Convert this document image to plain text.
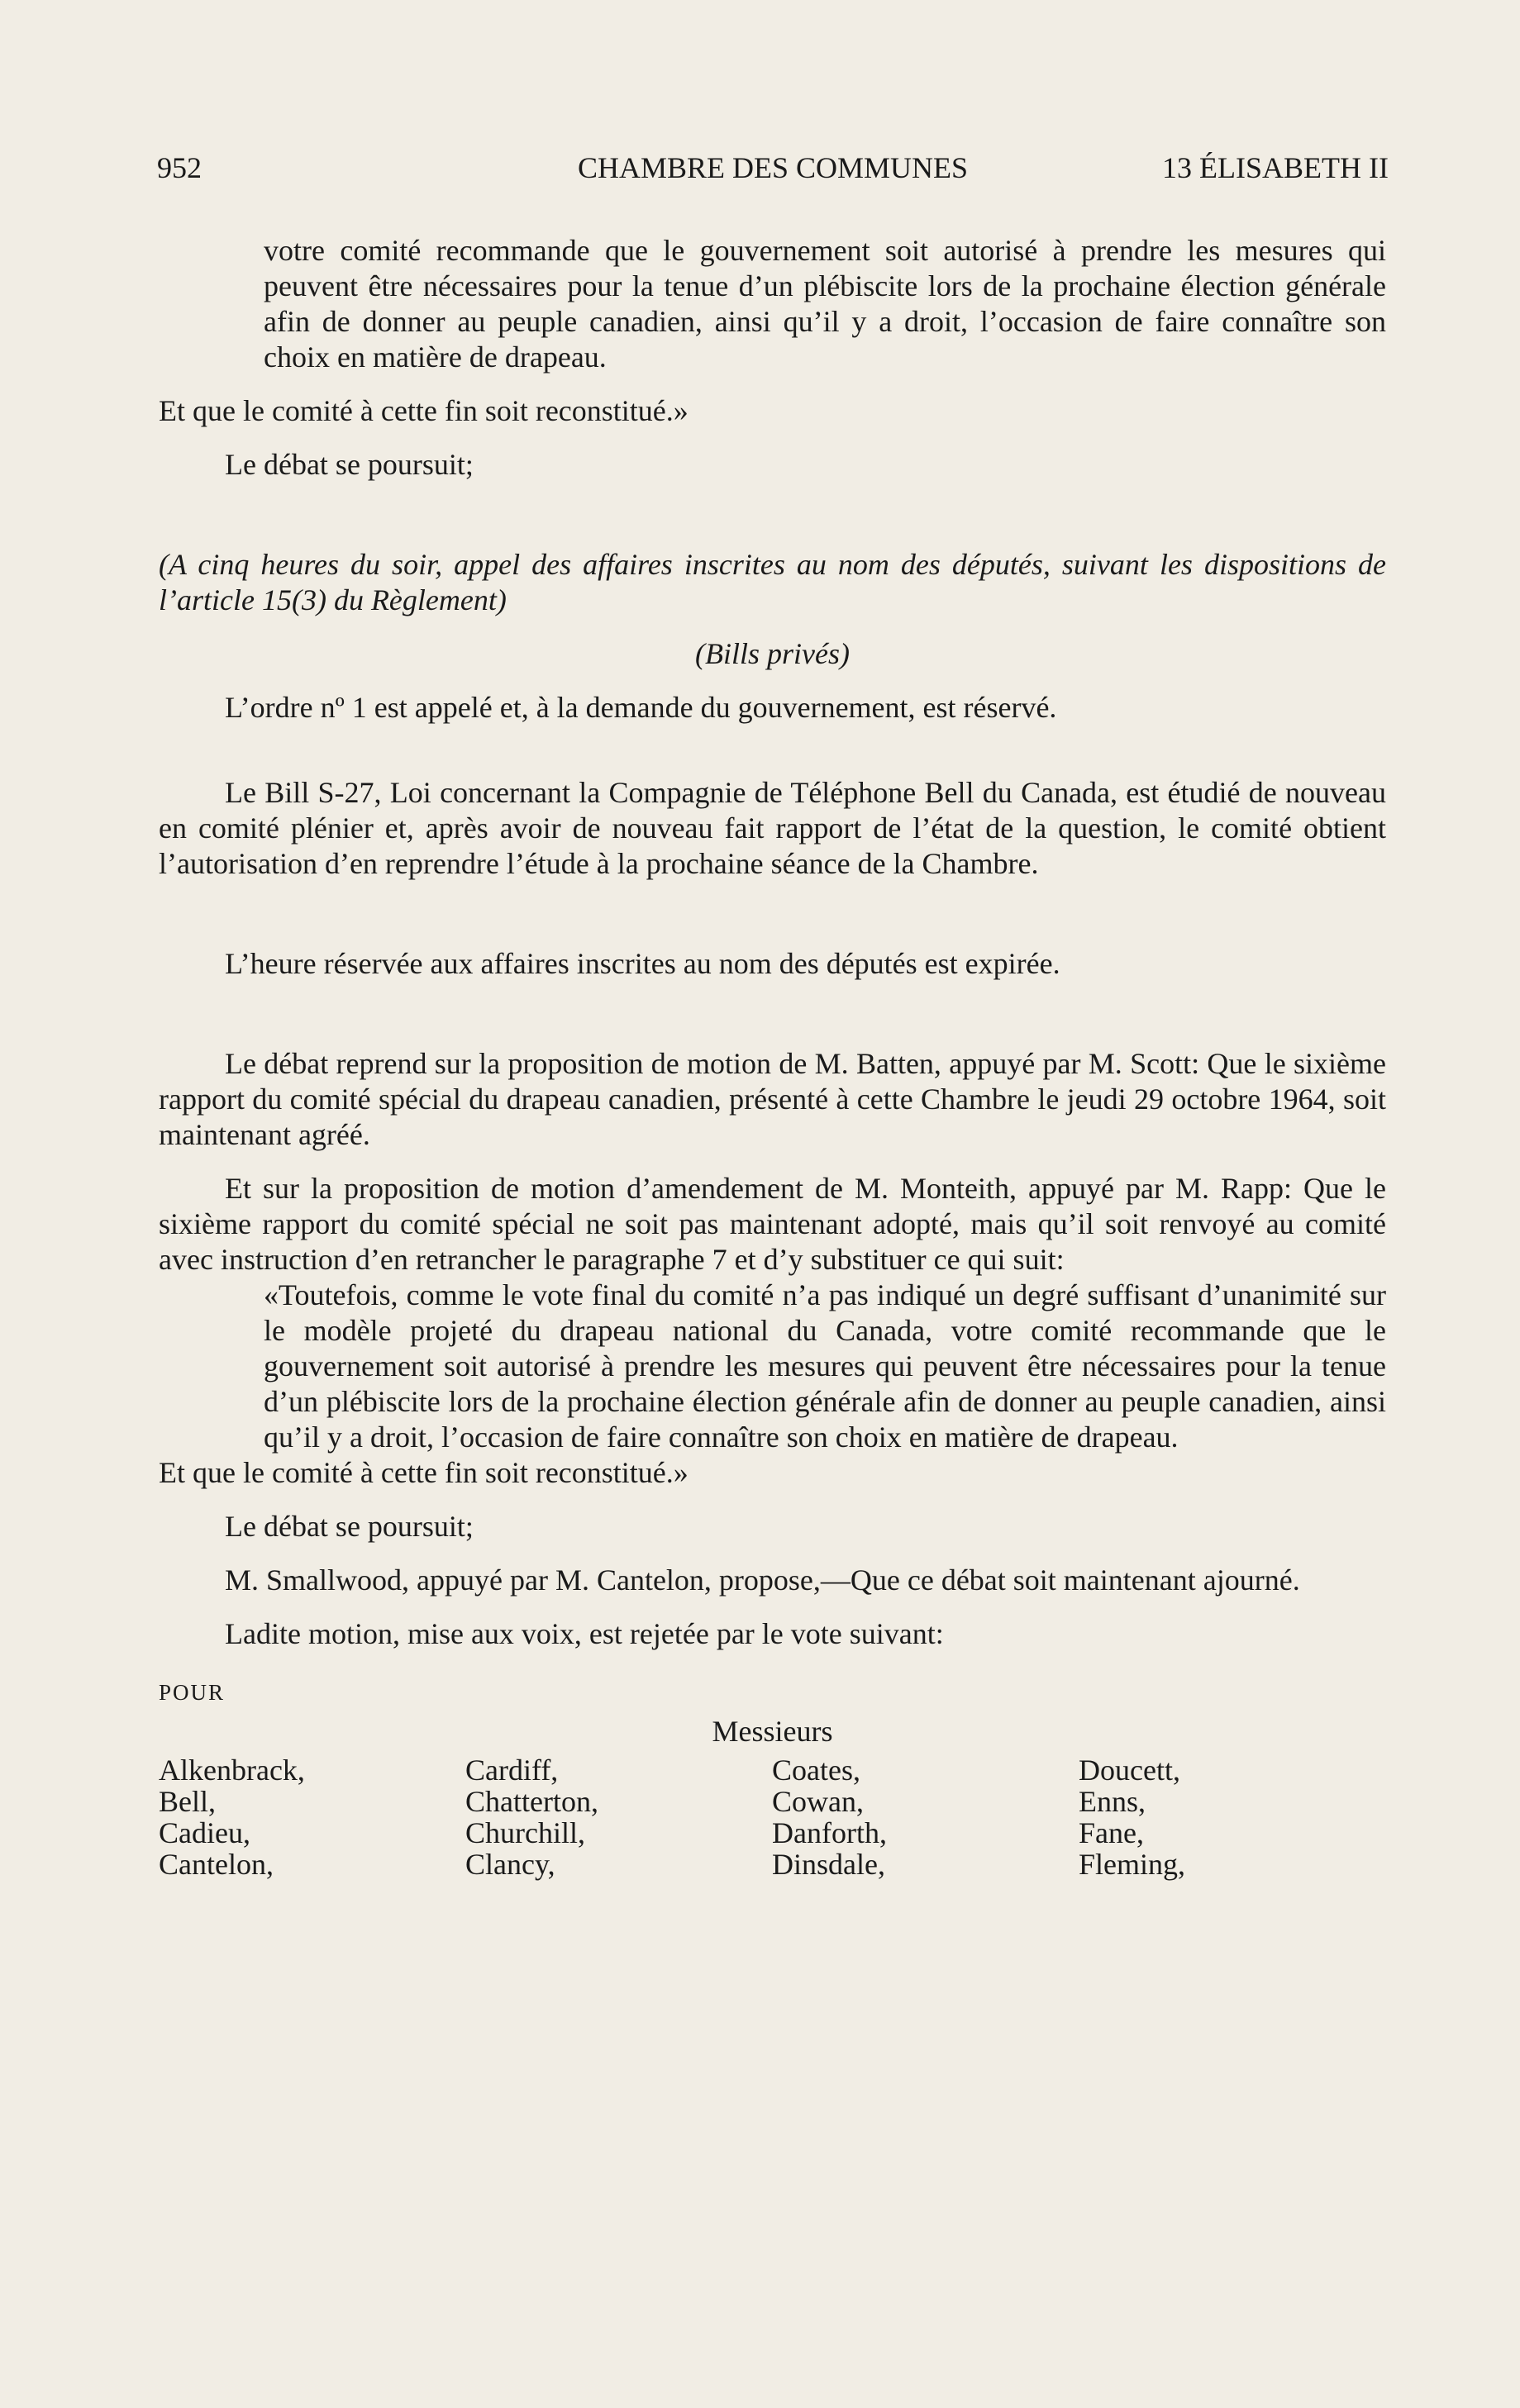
952	CHAMBRE DES COMMUNES	13 ÉLISABETH II

votre comité recommande que le gouvernement soit autorisé à prendre les mesures qui peuvent être nécessaires pour la tenue d’un plébiscite lors de la prochaine élection générale afin de donner au peuple canadien, ainsi qu’il y a droit, l’occasion de faire connaître son choix en matière de drapeau.

Et que le comité à cette fin soit reconstitué.»

Le débat se poursuit;

(A cinq heures du soir, appel des affaires inscrites au nom des députés, suivant les dispositions de l’article 15(3) du Règlement)

(Bills privés)

L’ordre nº 1 est appelé et, à la demande du gouvernement, est réservé.

Le Bill S-27, Loi concernant la Compagnie de Téléphone Bell du Canada, est étudié de nouveau en comité plénier et, après avoir de nouveau fait rapport de l’état de la question, le comité obtient l’autorisation d’en reprendre l’étude à la prochaine séance de la Chambre.

L’heure réservée aux affaires inscrites au nom des députés est expirée.

Le débat reprend sur la proposition de motion de M. Batten, appuyé par M. Scott: Que le sixième rapport du comité spécial du drapeau canadien, présenté à cette Chambre le jeudi 29 octobre 1964, soit maintenant agréé.

Et sur la proposition de motion d’amendement de M. Monteith, appuyé par M. Rapp: Que le sixième rapport du comité spécial ne soit pas maintenant adopté, mais qu’il soit renvoyé au comité avec instruction d’en retrancher le paragraphe 7 et d’y substituer ce qui suit:

«Toutefois, comme le vote final du comité n’a pas indiqué un degré suffisant d’unanimité sur le modèle projeté du drapeau national du Canada, votre comité recommande que le gouvernement soit autorisé à prendre les mesures qui peuvent être nécessaires pour la tenue d’un plébiscite lors de la prochaine élection générale afin de donner au peuple canadien, ainsi qu’il y a droit, l’occasion de faire connaître son choix en matière de drapeau.

Et que le comité à cette fin soit reconstitué.»

Le débat se poursuit;

M. Smallwood, appuyé par M. Cantelon, propose,—Que ce débat soit maintenant ajourné.

Ladite motion, mise aux voix, est rejetée par le vote suivant:

POUR

Messieurs

Alkenbrack,
Bell,
Cadieu,
Cantelon,
Cardiff,
Chatterton,
Churchill,
Clancy,
Coates,
Cowan,
Danforth,
Dinsdale,
Doucett,
Enns,
Fane,
Fleming,
